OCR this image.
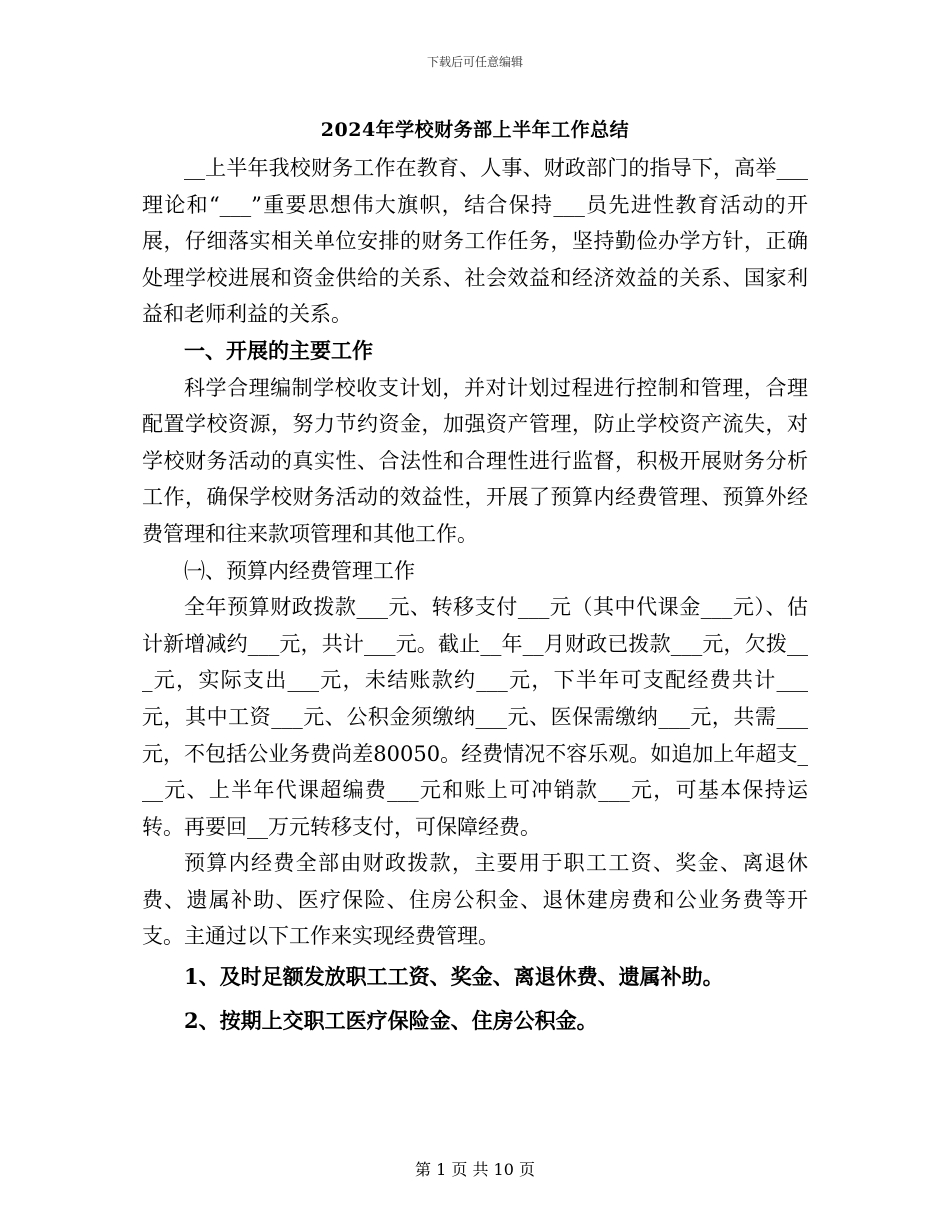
下载后可任意编辑
2024年学校财务部上半年工作总结

__上半年我校财务工作在教育、人事、财政部门的指导下，高举___理论和“___”重要思想伟大旗帜，结合保持___员先进性教育活动的开展，仔细落实相关单位安排的财务工作任务，坚持勤俭办学方针，正确处理学校进展和资金供给的关系、社会效益和经济效益的关系、国家利益和老师利益的关系。

一、开展的主要工作

科学合理编制学校收支计划，并对计划过程进行控制和管理，合理配置学校资源，努力节约资金，加强资产管理，防止学校资产流失，对学校财务活动的真实性、合法性和合理性进行监督，积极开展财务分析工作，确保学校财务活动的效益性，开展了预算内经费管理、预算外经费管理和往来款项管理和其他工作。

㈠、预算内经费管理工作

全年预算财政拨款___元、转移支付___元（其中代课金___元）、估计新增减约___元，共计___元。截止__年__月财政已拨款___元，欠拨___元，实际支出___元，未结账款约___元，下半年可支配经费共计___元，其中工资___元、公积金须缴纳___元、医保需缴纳___元，共需___元，不包括公业务费尚差80050。经费情况不容乐观。如追加上年超支___元、上半年代课超编费___元和账上可冲销款___元，可基本保持运转。再要回__万元转移支付，可保障经费。

预算内经费全部由财政拨款，主要用于职工工资、奖金、离退休费、遗属补助、医疗保险、住房公积金、退休建房费和公业务费等开支。主通过以下工作来实现经费管理。

1、及时足额发放职工工资、奖金、离退休费、遗属补助。

2、按期上交职工医疗保险金、住房公积金。

第 1 页 共 10 页
